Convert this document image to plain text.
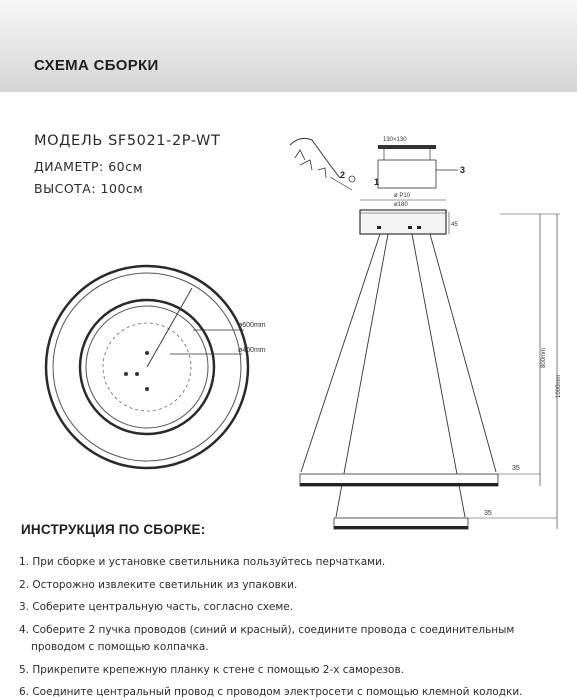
СХЕМА СБОРКИ
МОДЕЛЬ SF5021-2P-WT
ДИАМЕТР: 60см
ВЫСОТА: 100см
ø600mm
ø400mm
2
130×130
1
3
ø P10
ø180
45
800mm
1000mm
35
35
ИНСТРУКЦИЯ ПО СБОРКЕ:
1. При сборке и установке светильника пользуйтесь перчатками.
2. Осторожно извлеките светильник из упаковки.
3. Соберите центральную часть, согласно схеме.
4. Соберите 2 пучка проводов (синий и красный), соедините провода с соединительным
проводом с помощью колпачка.
5. Прикрепите крепежную планку к стене с помощью 2-х саморезов.
6. Соедините центральный провод с проводом электросети с помощью клемной колодки.
